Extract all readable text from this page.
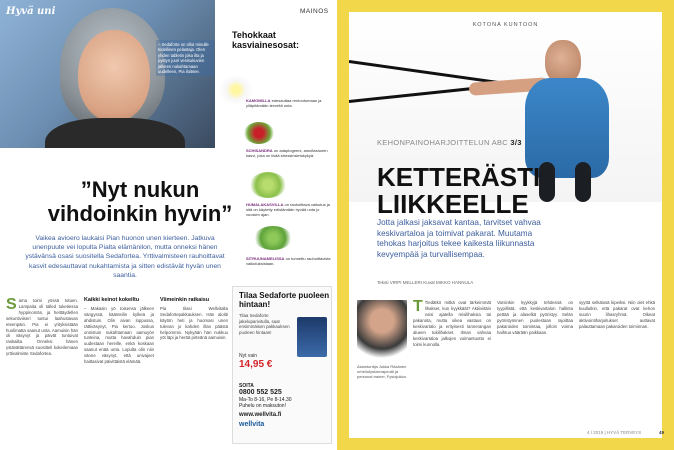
Hyvä uni
– Sedaforte on ollut minulle todellinen pelastaja. Olen yhden tabletin joka ilta ja pystyn juuri vesisukuvien jälkeen nukahtamaan uudelleen, Pia iloitsee.
MAINOS
Tehokkaat kasviainesosat:
KAMOMILLA edesauttaa rentoutumaan ja ylläpitämään terveitä unta.
SCHISANDRA on adaptogeeni, amuflastunen kasvi, joka on lisää stressinsietokykyä.
HUMALAKASVILLA on rauhoittava vaikutus ja sitä on käytetty edistämään hyvää unta jo vuosien ajan.
SITRUUNAMELISSA on tunnettu rauhoittavista vaikutuksistaan.
”Nyt nukun vihdoinkin hyvin”
Vaikea avioero laukaisi Pian huonon unen kierteen. Jatkuva unenpuute vei lopulta Pialta elämänilon, mutta onneksi hänen ystävänsä osasi suositella Sedafortea. Yrttivalmisteen rauhoittavat kasvit edesauttavat nukahtamista ja sitten edistävät hyvän unen saantia.
Sama toimi yössä totuen. Lampaita oli talled tuketiessa hyppinomän, ja heittäydellen sekuntiviiseri tuntui laahustavan eteenpäin. Pia ei yrityksistään huolimatta saanut unta. Aamuisin hän oli väsynyt ja päivät tuntuivat raskailta. Onneksi hänen ystävättärensä suositteli kokeilemaan yrttivalmiste Sedafortea.
Kaikki keinot kokeiltu
– Makasin yö toisensa jälkeen sängyssä, käänteilin kylkeä ja ahdistuin. Olin aivan loppussa, rättiväsynyt, Pia kertoo. Joskus onnistuin nukahtamaan aamuyön tunteina, mutta havahduin pian uudestaan hereille, enkä koskaan saanut enää unta. Lopulta olin niin vänne väsynyt, että univajeet haittasivat päivittäistä elämää.
Viimeinkin ratkaisu
Pia tilasi Wellvitalta Sedafortepakkauksen. Hän aloitti käytön heti ja huomasi unen tulevan jo kahden illan päästä helpommin. Nykyään hän nukkuu yöt läpi ja herää pirteänä aamuisin.
Tilaa Sedaforte puoleen hintaan!
Tilaa Sedaforte jakeluparivitulla, saat ensimmäisen pakkauksen puoleen hintaan!
Nyt vain
14,95 €
SOITA
0800 552 525
Ma-To 8-16, Pe 8-14.30
Puhelu on maksuton!
www.wellvita.fi
wellvita
KOTONA KUNTOON
KEHONPAINOHARJOITTELUN ABC 3/3
KETTERÄSTI LIIKKEELLE
Jotta jalkasi jaksavat kantaa, tarvitset vahvaa keskivartaloa ja toimivat pakarat. Muutama tehokas harjoitus tekee kaikesta liikunnasta kevyempää ja turvallisempaa.
Teksti VIRPI MELLERI Kuvat MIKKO HANNULA
Asiantuntija Jukka Räsänen urheilufysioterapeutti ja personal trainer, Fysiojukka.
T Tiedätkö mitkä ovat tärkeimmät lihakset, kun kyykkäät? Aktiiviitäin voisi ajatella reisilihaksia tai pakaroita, mutta oikea vastaus on keskivartalo ja erityisesti lannerangan alueen tukilihakset. Ilman vahvaa keskivartaloa jalkojen voimantuotto ei toimi kunnolla.
Varsinkin kyykkyjä tehdessä on tyypillistä, että keskivartalon hallinta pettää ja alaselkä pyöristyy. Selän pyöristyminen puolestaan rajoittaa pakaroiden toimintaa, jolloin voima haihtuu väärään paikkaan.
syyttä selkäissä kipeiksi. Niin olet ehkä kuullutkin, että pakarat ovat kehon suurin lihasryhmä. Oikeat aktivointiharjoitukset auttavat palauttamaan pakaroiden toiminnan.
4 / 2019 | HYVÄ TERVEYS	49
